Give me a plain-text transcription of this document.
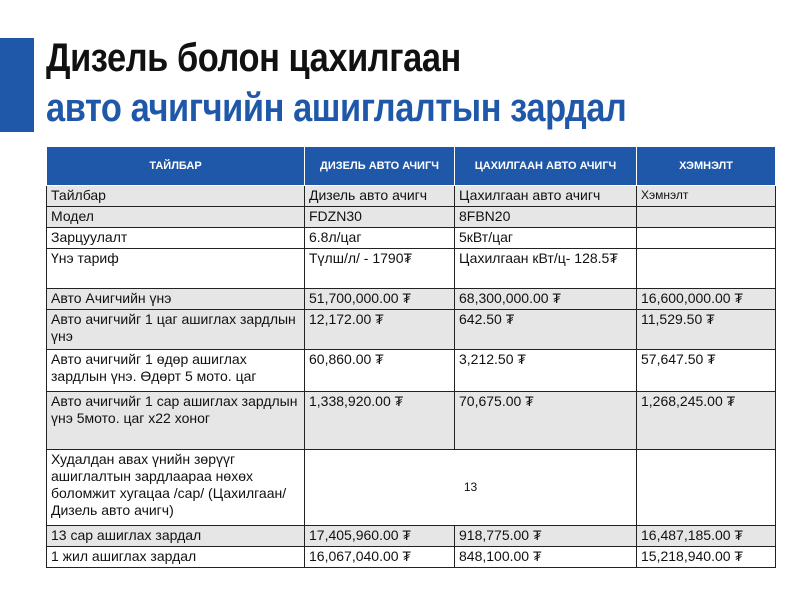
Дизель болон цахилгаан
авто ачигчийн ашиглалтын зардал
ТАЙЛБАР	ДИЗЕЛЬ АВТО АЧИГЧ	ЦАХИЛГААН АВТО АЧИГЧ	ХЭМНЭЛТ
Тайлбар	Дизель авто ачигч	Цахилгаан авто ачигч	Хэмнэлт
Модел	FDZN30	8FBN20	
Зарцуулалт	6.8л/цаг	5кВт/цаг	
Үнэ тариф	Түлш/л/ - 1790₮	Цахилгаан кВт/ц- 128.5₮	
Авто Ачигчийн үнэ	51,700,000.00 ₮	68,300,000.00 ₮	16,600,000.00 ₮
Авто ачигчийг 1 цаг ашиглах зардлын үнэ	12,172.00 ₮	642.50 ₮	11,529.50 ₮
Авто ачигчийг 1 өдөр ашиглах зардлын үнэ. Өдөрт 5 мото. цаг	60,860.00 ₮	3,212.50 ₮	57,647.50 ₮
Авто ачигчийг 1 сар ашиглах зардлын үнэ 5мото. цаг х22 хоног	1,338,920.00 ₮	70,675.00 ₮	1,268,245.00 ₮
Худалдан авах үнийн зөрүүг ашиглалтын зардлаараа нөхөх боломжит хугацаа /сар/ (Цахилгаан/ Дизель авто ачигч)	13		
13 сар ашиглах зардал	17,405,960.00 ₮	918,775.00 ₮	16,487,185.00 ₮
1 жил ашиглах зардал	16,067,040.00 ₮	848,100.00 ₮	15,218,940.00 ₮
